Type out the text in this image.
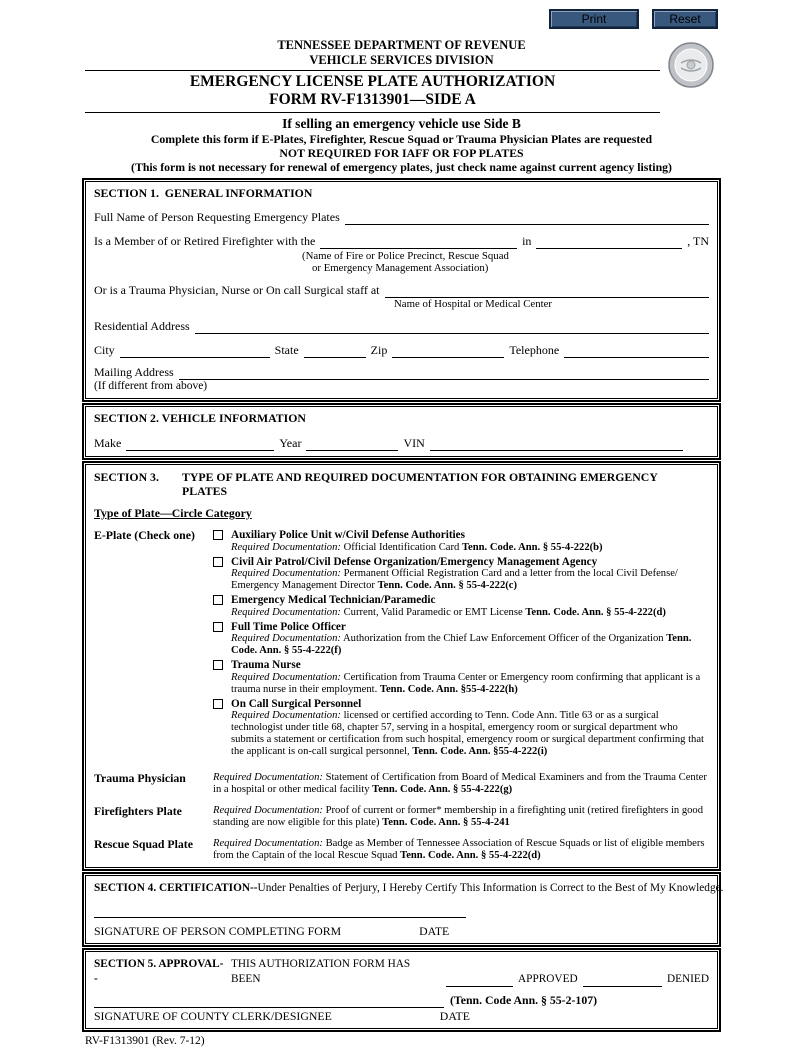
Print	Reset
TENNESSEE DEPARTMENT OF REVENUE
VEHICLE SERVICES DIVISION
EMERGENCY LICENSE PLATE AUTHORIZATION
FORM RV-F1313901—SIDE A
If selling an emergency vehicle use Side B
Complete this form if E-Plates, Firefighter, Rescue Squad or Trauma Physician Plates are requested
NOT REQUIRED FOR IAFF OR FOP PLATES
(This form is not necessary for renewal of emergency plates, just check name against current agency listing)
SECTION 1.  GENERAL INFORMATION
Full Name of Person Requesting Emergency Plates
Is a Member of or Retired Firefighter with the	in	, TN
(Name of Fire or Police Precinct, Rescue Squad
or Emergency Management Association)
Or is a Trauma Physician, Nurse or On call Surgical staff at
Name of Hospital or Medical Center
Residential Address
City	State	Zip	Telephone
Mailing Address
(If different from above)
SECTION 2. VEHICLE INFORMATION
Make	Year	VIN
SECTION 3.	TYPE OF PLATE AND REQUIRED DOCUMENTATION FOR OBTAINING EMERGENCY PLATES
Type of Plate—Circle Category
E-Plate (Check one)	Auxiliary Police Unit w/Civil Defense Authorities
Required Documentation: Official Identification Card Tenn. Code. Ann. § 55-4-222(b)
Civil Air Patrol/Civil Defense Organization/Emergency Management Agency
Required Documentation: Permanent Official Registration Card and a letter from the local Civil Defense/ Emergency Management Director Tenn. Code. Ann. § 55-4-222(c)
Emergency Medical Technician/Paramedic
Required Documentation: Current, Valid Paramedic or EMT License Tenn. Code. Ann. § 55-4-222(d)
Full Time Police Officer
Required Documentation: Authorization from the Chief Law Enforcement Officer of the Organization Tenn. Code. Ann. § 55-4-222(f)
Trauma Nurse
Required Documentation: Certification from Trauma Center or Emergency room confirming that applicant is a trauma nurse in their employment. Tenn. Code. Ann. §55-4-222(h)
On Call Surgical Personnel
Required Documentation: licensed or certified according to Tenn. Code Ann. Title 63 or as a surgical technologist under title 68, chapter 57, serving in a hospital, emergency room or surgical department who submits a statement or certification from such hospital, emergency room or surgical department confirming that the applicant is on-call surgical personnel, Tenn. Code. Ann. §55-4-222(i)
Trauma Physician	Required Documentation: Statement of Certification from Board of Medical Examiners and from the Trauma Center in a hospital or other medical facility Tenn. Code. Ann. § 55-4-222(g)
Firefighters Plate	Required Documentation: Proof of current or former* membership in a firefighting unit (retired firefighters in good standing are now eligible for this plate) Tenn. Code. Ann. § 55-4-241
Rescue Squad Plate	Required Documentation: Badge as Member of Tennessee Association of Rescue Squads or list of eligible members from the Captain of the local Rescue Squad Tenn. Code. Ann. § 55-4-222(d)
SECTION 4. CERTIFICATION--Under Penalties of Perjury, I Hereby Certify This Information is Correct to the Best of My Knowledge.
SIGNATURE OF PERSON COMPLETING FORM	DATE
SECTION 5. APPROVAL--
THIS AUTHORIZATION FORM HAS BEEN	APPROVED	DENIED
(Tenn. Code Ann. § 55-2-107)
SIGNATURE OF COUNTY CLERK/DESIGNEE	DATE
RV-F1313901 (Rev. 7-12)
